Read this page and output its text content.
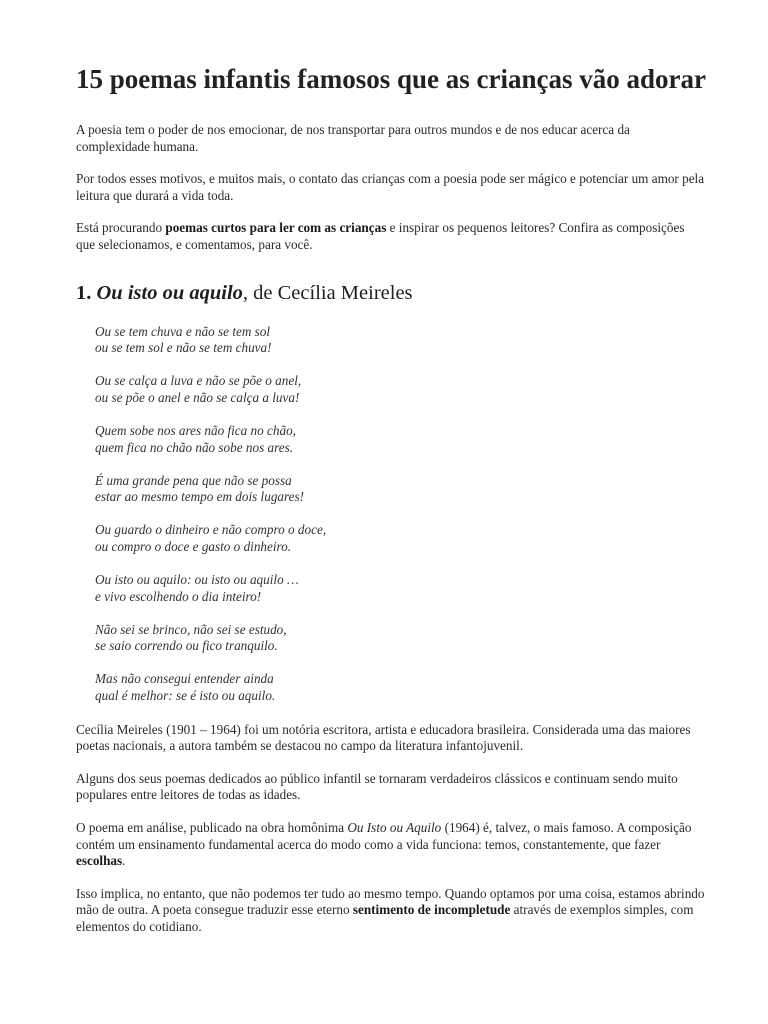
15 poemas infantis famosos que as crianças vão adorar

A poesia tem o poder de nos emocionar, de nos transportar para outros mundos e de nos educar acerca da complexidade humana.

Por todos esses motivos, e muitos mais, o contato das crianças com a poesia pode ser mágico e potenciar um amor pela leitura que durará a vida toda.

Está procurando poemas curtos para ler com as crianças e inspirar os pequenos leitores? Confira as composições que selecionamos, e comentamos, para você.

1. Ou isto ou aquilo, de Cecília Meireles
Ou se tem chuva e não se tem sol
ou se tem sol e não se tem chuva!
Ou se calça a luva e não se põe o anel,
ou se põe o anel e não se calça a luva!
Quem sobe nos ares não fica no chão,
quem fica no chão não sobe nos ares.
É uma grande pena que não se possa
estar ao mesmo tempo em dois lugares!
Ou guardo o dinheiro e não compro o doce,
ou compro o doce e gasto o dinheiro.
Ou isto ou aquilo: ou isto ou aquilo …
e vivo escolhendo o dia inteiro!
Não sei se brinco, não sei se estudo,
se saio correndo ou fico tranquilo.
Mas não consegui entender ainda
qual é melhor: se é isto ou aquilo.

Cecília Meireles (1901 – 1964) foi um notória escritora, artista e educadora brasileira. Considerada uma das maiores poetas nacionais, a autora também se destacou no campo da literatura infantojuvenil.

Alguns dos seus poemas dedicados ao público infantil se tornaram verdadeiros clássicos e continuam sendo muito populares entre leitores de todas as idades.

O poema em análise, publicado na obra homônima Ou Isto ou Aquilo (1964) é, talvez, o mais famoso. A composição contém um ensinamento fundamental acerca do modo como a vida funciona: temos, constantemente, que fazer escolhas.

Isso implica, no entanto, que não podemos ter tudo ao mesmo tempo. Quando optamos por uma coisa, estamos abrindo mão de outra. A poeta consegue traduzir esse eterno sentimento de incompletude através de exemplos simples, com elementos do cotidiano.
